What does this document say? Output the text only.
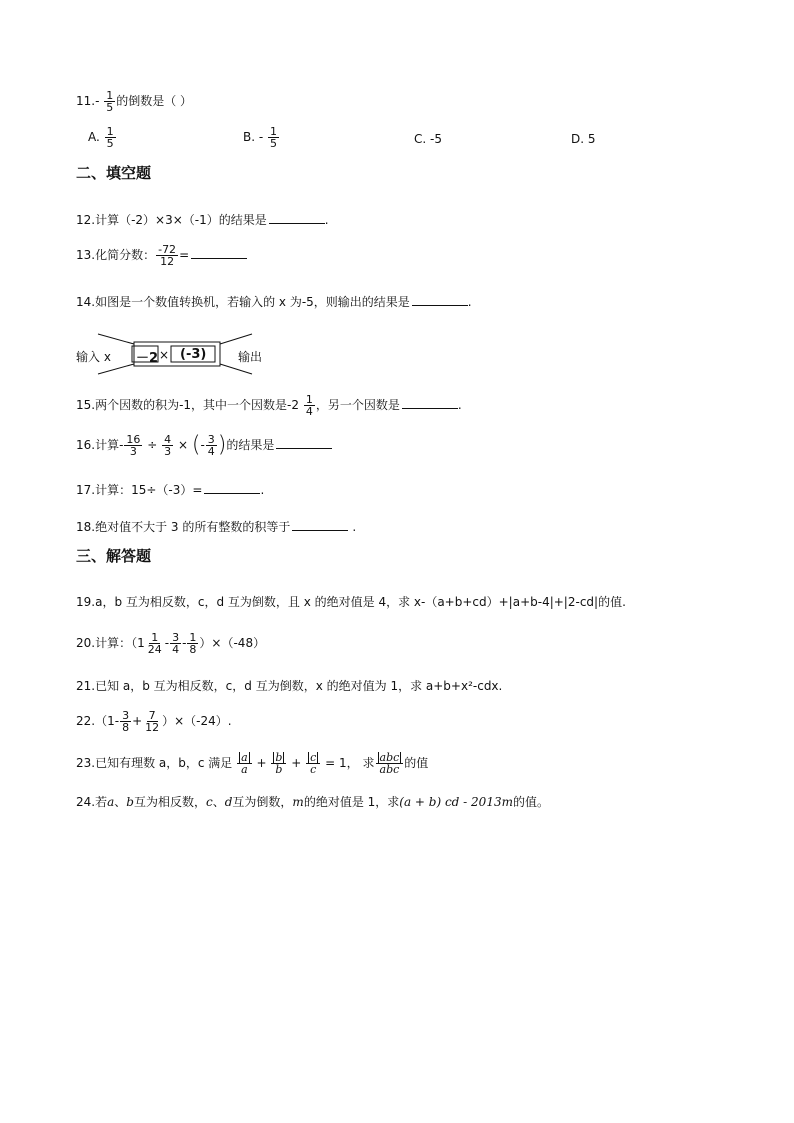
$11.- \frac{1}{5}$ 的倒数是（ ）
A. $\frac{1}{5}$	B. - $\frac{1}{5}$	C. -5	D. 5
二、填空题
12.计算（-2）×3×（-1）的结果是	.
13.化简分数： $\frac{-72}{12}$ =
14.如图是一个数值转换机，若输入的 x 为-5，则输出的结果是	.
输入 x －2 × (-3)	输出
15.两个因数的积为-1，其中一个因数是$-2 \frac{1}{4}$ ，另一个因数是	.
16.计算- $\frac{16}{3} \div \frac{4}{3}$ × (- $\frac{3}{4}$ )的结果是
17.计算：15÷（-3）=	.
18.绝对值不大于 3 的所有整数的积等于	.
三、解答题
19.a，b 互为相反数，c，d 互为倒数，且 x 的绝对值是 4，求 x-（a+b+cd）+|a+b-4|+|2-cd|的值.
20.计算：$(1 \frac{1}{24} - \frac{3}{4} - \frac{1}{8} )\times(-48)$
21.已知 a，b 互为相反数，c，d 互为倒数，x 的绝对值为 1，求 a+b+x²-cdx.
$22.(1- \frac{3}{8} + \frac{7}{12} )\times(-24)$.
23.已知有理数 a，b，c 满足 $\frac{a}{a} + \frac{b}{b} + \frac{c}{c} = 1$， 求 $\frac{\text{abc}}{\text{abc}}$ 的值
24.若a、b互为相反数，c、d互为倒数，m的绝对值是 1，求(a + b) cd - 2013m的值。
